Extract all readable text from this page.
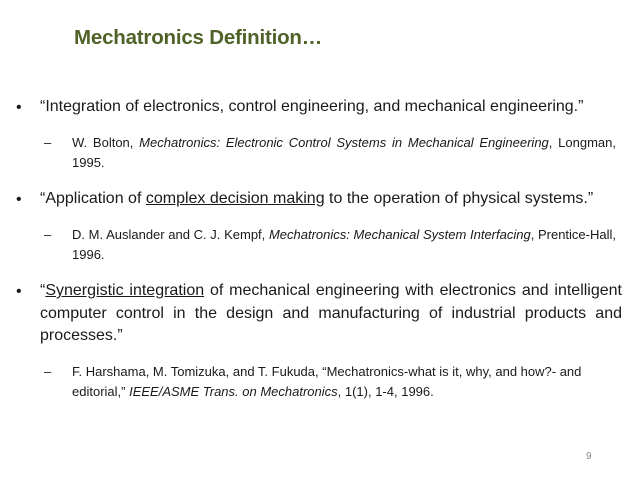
Mechatronics Definition…
•	“Integration of electronics, control engineering, and mechanical engineering.”
–	W. Bolton, Mechatronics: Electronic Control Systems in Mechanical Engineering, Longman, 1995.
•	“Application of complex decision making to the operation of physical systems.”
–	D. M. Auslander and C. J. Kempf, Mechatronics: Mechanical System Interfacing, Prentice-Hall, 1996.
•	“Synergistic integration of mechanical engineering with electronics and intelligent computer control in the design and manufacturing of industrial products and processes.”
–	F. Harshama, M. Tomizuka, and T. Fukuda, “Mechatronics-what is it, why, and how?- and editorial,” IEEE/ASME Trans. on Mechatronics, 1(1), 1-4, 1996.
9
